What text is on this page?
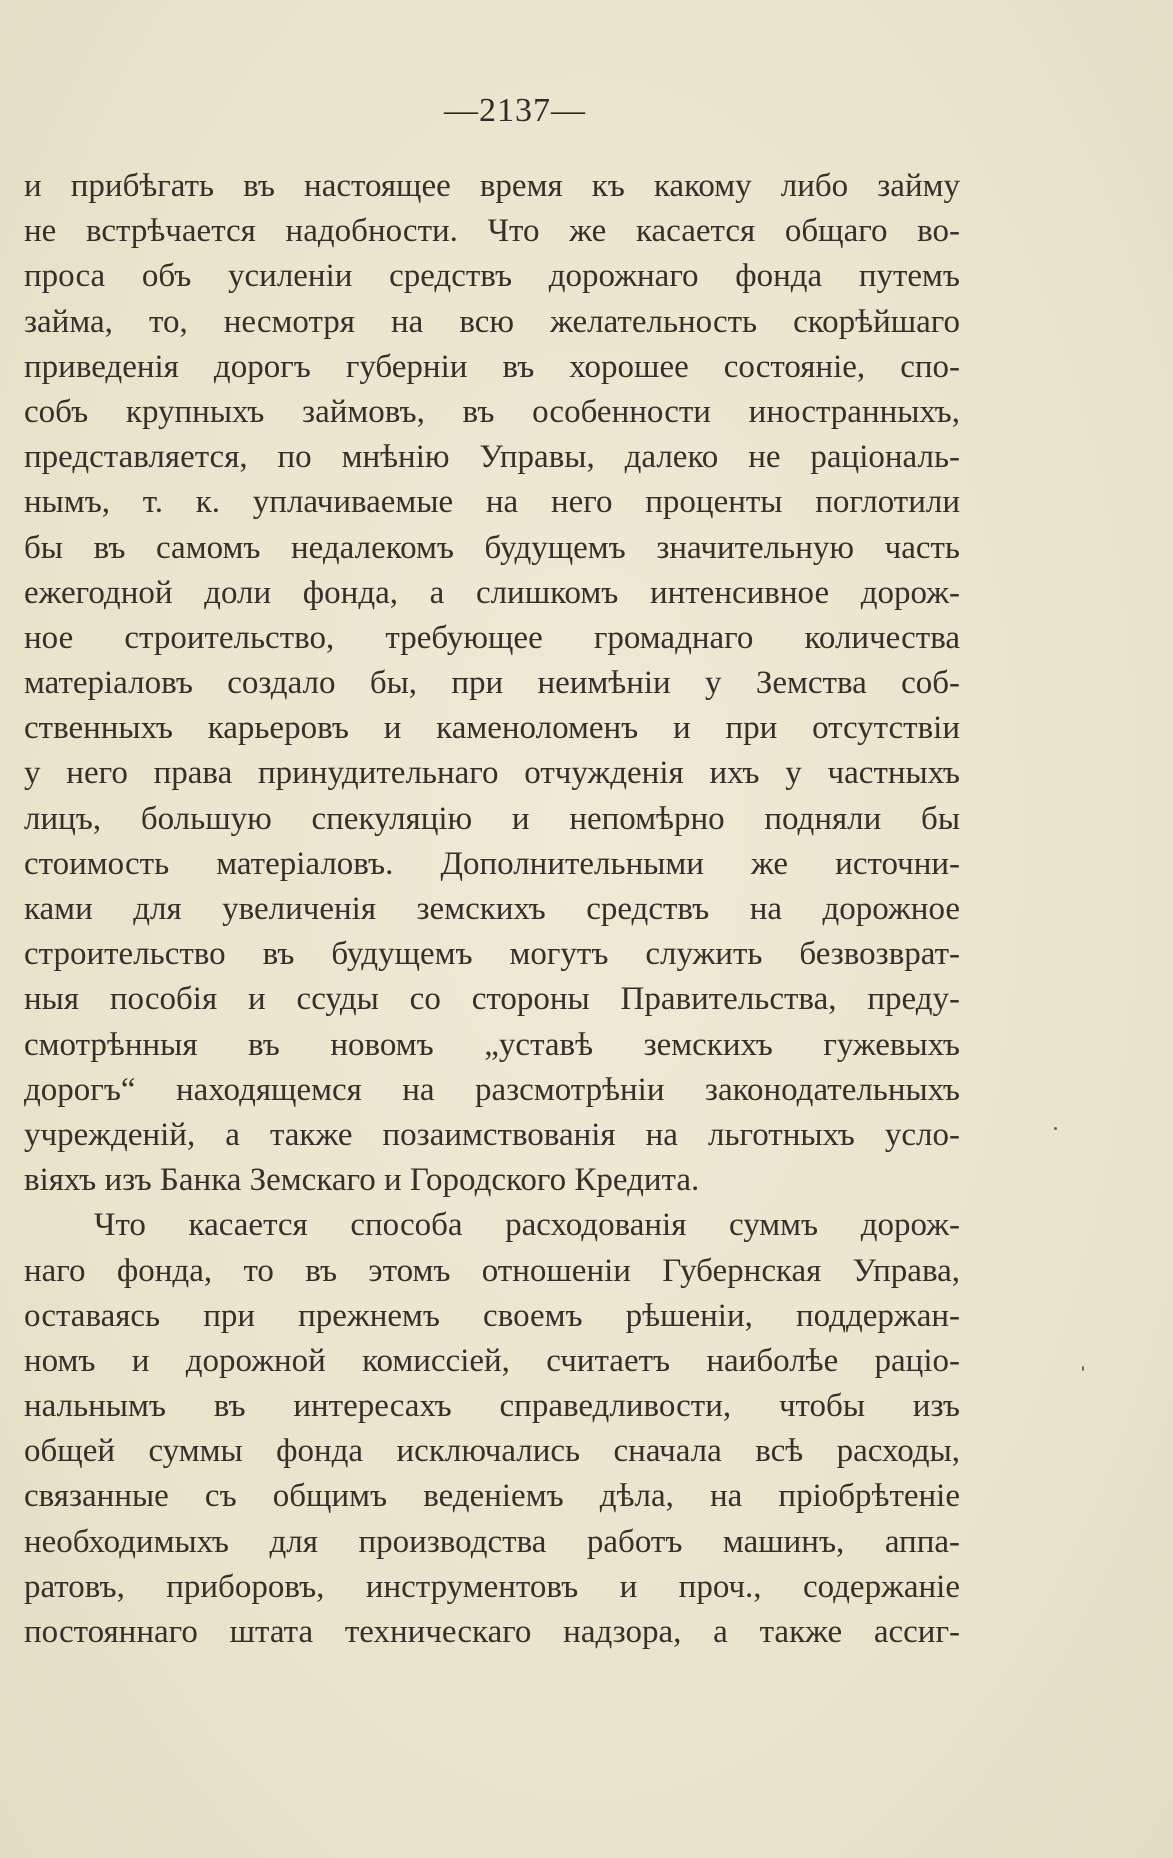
—2137—
и прибѣгать въ настоящее время къ какому либо займу
не встрѣчается надобности. Что же касается общаго во-
проса объ усиленіи средствъ дорожнаго фонда путемъ
займа, то, несмотря на всю желательность скорѣйшаго
приведенія дорогъ губерніи въ хорошее состояніе, спо-
собъ крупныхъ займовъ, въ особенности иностранныхъ,
представляется, по мнѣнію Управы, далеко не раціональ-
нымъ, т. к. уплачиваемые на него проценты поглотили
бы въ самомъ недалекомъ будущемъ значительную часть
ежегодной доли фонда, а слишкомъ интенсивное дорож-
ное строительство, требующее громаднаго количества
матеріаловъ создало бы, при неимѣніи у Земства соб-
ственныхъ карьеровъ и каменоломенъ и при отсутствіи
у него права принудительнаго отчужденія ихъ у частныхъ
лицъ, большую спекуляцію и непомѣрно подняли бы
стоимость матеріаловъ. Дополнительными же источни-
ками для увеличенія земскихъ средствъ на дорожное
строительство въ будущемъ могутъ служить безвозврат-
ныя пособія и ссуды со стороны Правительства, преду-
смотрѣнныя въ новомъ „уставѣ земскихъ гужевыхъ
дорогъ“ находящемся на разсмотрѣніи законодательныхъ
учрежденій, а также позаимствованія на льготныхъ усло-
віяхъ изъ Банка Земскаго и Городского Кредита.
Что касается способа расходованія суммъ дорож-
наго фонда, то въ этомъ отношеніи Губернская Управа,
оставаясь при прежнемъ своемъ рѣшеніи, поддержан-
номъ и дорожной комиссіей, считаетъ наиболѣе раціо-
нальнымъ въ интересахъ справедливости, чтобы изъ
общей суммы фонда исключались сначала всѣ расходы,
связанные съ общимъ веденіемъ дѣла, на пріобрѣтеніе
необходимыхъ для производства работъ машинъ, аппа-
ратовъ, приборовъ, инструментовъ и проч., содержаніе
постояннаго штата техническаго надзора, а также ассиг-
